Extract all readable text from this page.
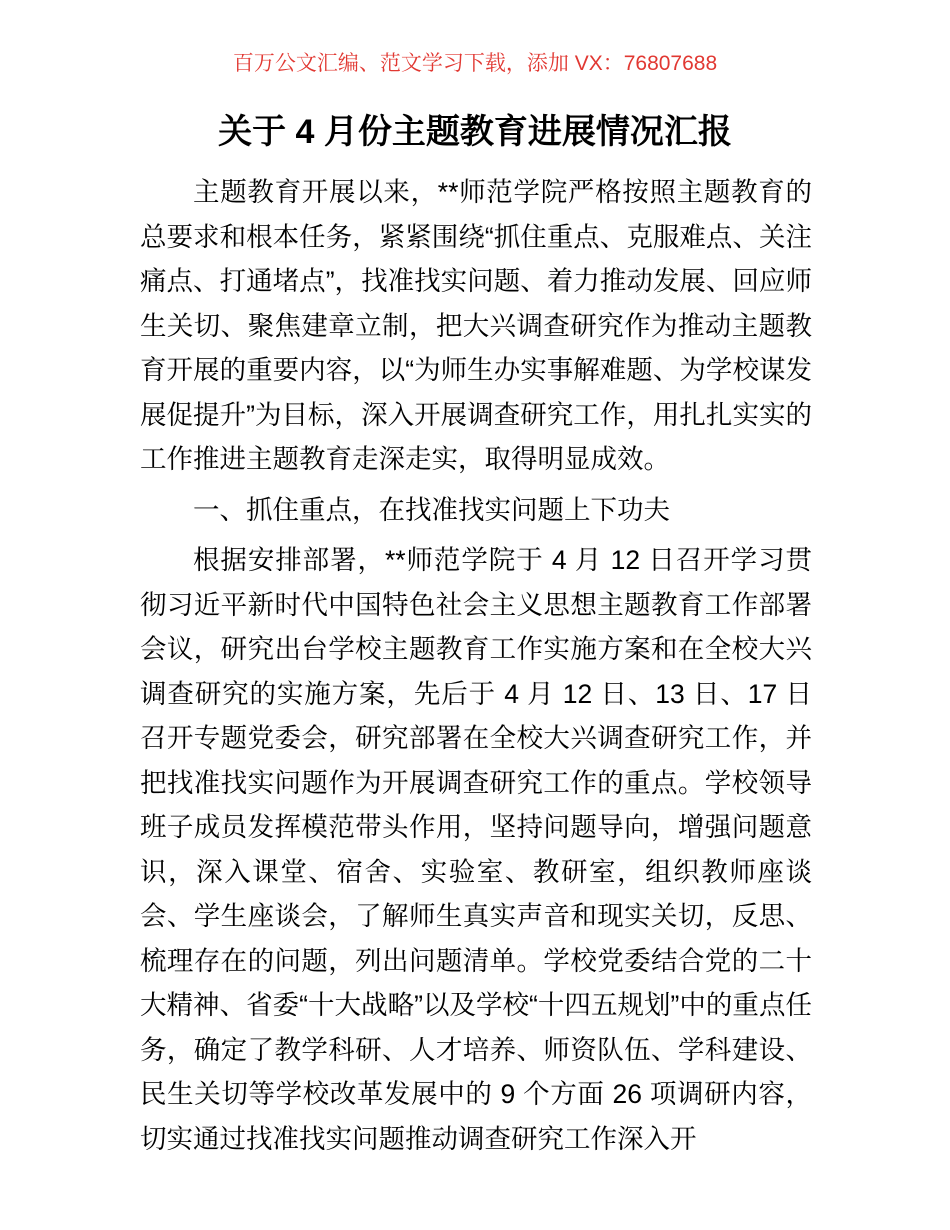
百万公文汇编、范文学习下载，添加 VX：76807688

关于 4 月份主题教育进展情况汇报

主题教育开展以来，**师范学院严格按照主题教育的总要求和根本任务，紧紧围绕“抓住重点、克服难点、关注痛点、打通堵点”，找准找实问题、着力推动发展、回应师生关切、聚焦建章立制，把大兴调查研究作为推动主题教育开展的重要内容，以“为师生办实事解难题、为学校谋发展促提升”为目标，深入开展调查研究工作，用扎扎实实的工作推进主题教育走深走实，取得明显成效。

一、抓住重点，在找准找实问题上下功夫

根据安排部署，**师范学院于 4 月 12 日召开学习贯彻习近平新时代中国特色社会主义思想主题教育工作部署会议，研究出台学校主题教育工作实施方案和在全校大兴调查研究的实施方案，先后于 4 月 12 日、13 日、17 日召开专题党委会，研究部署在全校大兴调查研究工作，并把找准找实问题作为开展调查研究工作的重点。学校领导班子成员发挥模范带头作用，坚持问题导向，增强问题意识，深入课堂、宿舍、实验室、教研室，组织教师座谈会、学生座谈会，了解师生真实声音和现实关切，反思、梳理存在的问题，列出问题清单。学校党委结合党的二十大精神、省委“十大战略”以及学校“十四五规划”中的重点任务，确定了教学科研、人才培养、师资队伍、学科建设、民生关切等学校改革发展中的 9 个方面 26 项调研内容，切实通过找准找实问题推动调查研究工作深入开
